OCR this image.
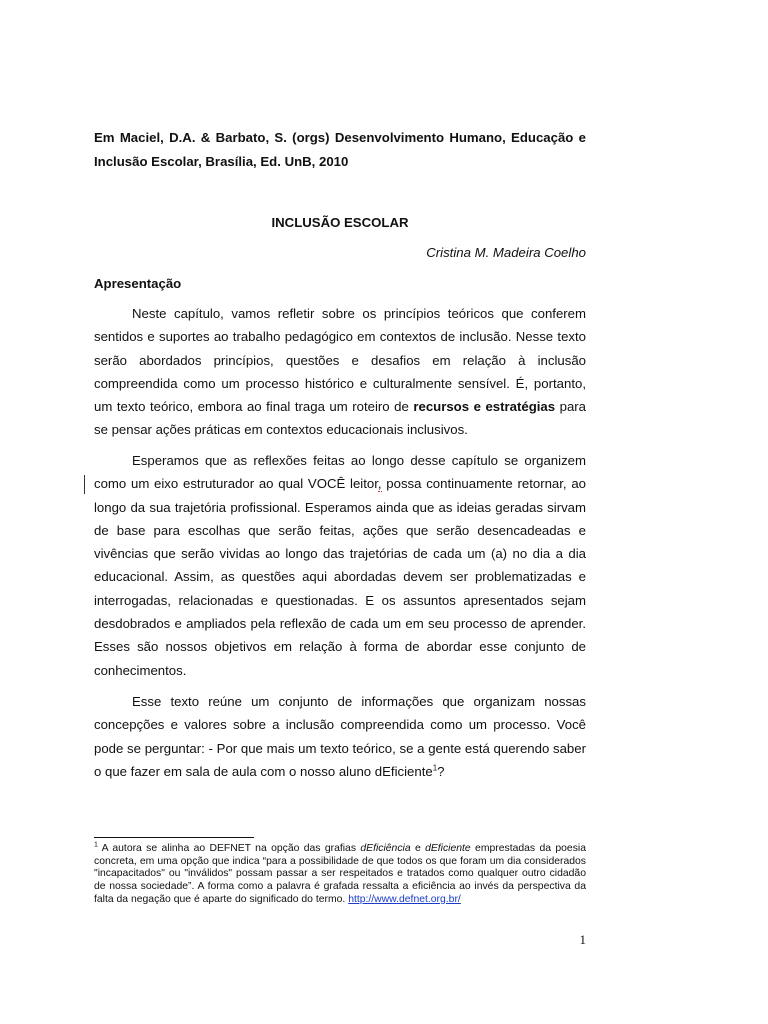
Em Maciel, D.A. & Barbato, S. (orgs) Desenvolvimento Humano, Educação e Inclusão Escolar, Brasília, Ed. UnB, 2010
INCLUSÃO ESCOLAR
Cristina M. Madeira Coelho
Apresentação

Neste capítulo, vamos refletir sobre os princípios teóricos que conferem sentidos e suportes ao trabalho pedagógico em contextos de inclusão. Nesse texto serão abordados princípios, questões e desafios em relação à inclusão compreendida como um processo histórico e culturalmente sensível. É, portanto, um texto teórico, embora ao final traga um roteiro de recursos e estratégias para se pensar ações práticas em contextos educacionais inclusivos.

Esperamos que as reflexões feitas ao longo desse capítulo se organizem como um eixo estruturador ao qual VOCÊ leitor, possa continuamente retornar, ao longo da sua trajetória profissional. Esperamos ainda que as ideias geradas sirvam de base para escolhas que serão feitas, ações que serão desencadeadas e vivências que serão vividas ao longo das trajetórias de cada um (a) no dia a dia educacional. Assim, as questões aqui abordadas devem ser problematizadas e interrogadas, relacionadas e questionadas. E os assuntos apresentados sejam desdobrados e ampliados pela reflexão de cada um em seu processo de aprender. Esses são nossos objetivos em relação à forma de abordar esse conjunto de conhecimentos.

Esse texto reúne um conjunto de informações que organizam nossas concepções e valores sobre a inclusão compreendida como um processo. Você pode se perguntar: - Por que mais um texto teórico, se a gente está querendo saber o que fazer em sala de aula com o nosso aluno dEficiente$^1$?

$^1$ A autora se alinha ao DEFNET na opção das grafias dEficiência e dEficiente emprestadas da poesia concreta, em uma opção que indica “para a possibilidade de que todos os que foram um dia considerados "incapacitados" ou "inválidos" possam passar a ser respeitados e tratados como qualquer outro cidadão de nossa sociedade”. A forma como a palavra é grafada ressalta a eficiência ao invés da perspectiva da falta da negação que é aparte do significado do termo. http://www.defnet.org.br/

1
